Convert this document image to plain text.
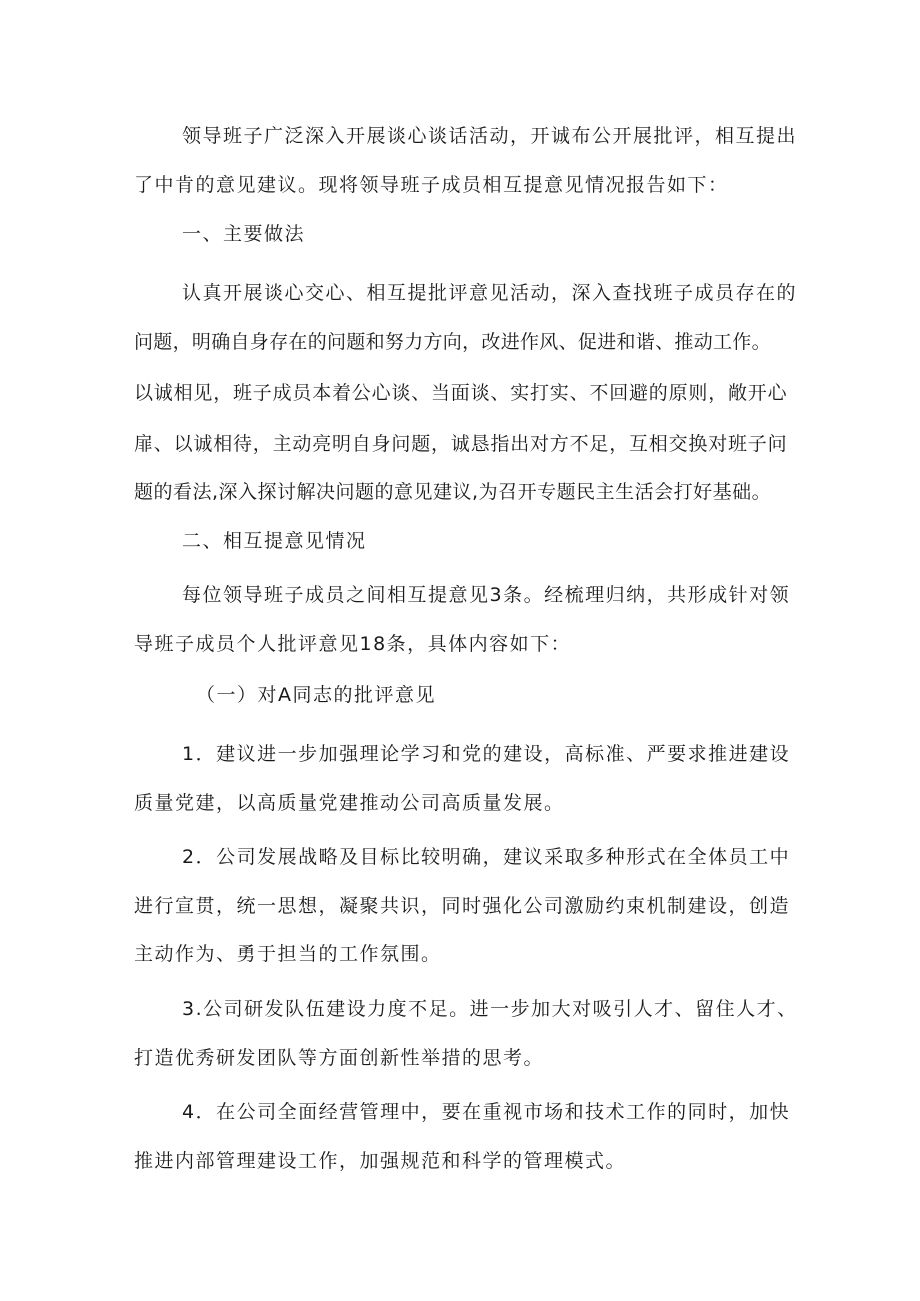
领导班子广泛深入开展谈心谈话活动，开诚布公开展批评，相互提出
了中肯的意见建议。现将领导班子成员相互提意见情况报告如下：
一、主要做法
认真开展谈心交心、相互提批评意见活动，深入查找班子成员存在的
问题，明确自身存在的问题和努力方向，改进作风、促进和谐、推动工作。
以诚相见，班子成员本着公心谈、当面谈、实打实、不回避的原则，敞开心
扉、以诚相待，主动亮明自身问题，诚恳指出对方不足，互相交换对班子问
题的看法,深入探讨解决问题的意见建议,为召开专题民主生活会打好基础。
二、相互提意见情况
每位领导班子成员之间相互提意见3条。经梳理归纳，共形成针对领
导班子成员个人批评意见18条，具体内容如下：
（一）对A同志的批评意见
1．建议进一步加强理论学习和党的建设，高标准、严要求推进建设
质量党建，以高质量党建推动公司高质量发展。
2．公司发展战略及目标比较明确，建议采取多种形式在全体员工中
进行宣贯，统一思想，凝聚共识，同时强化公司激励约束机制建设，创造
主动作为、勇于担当的工作氛围。
3.公司研发队伍建设力度不足。进一步加大对吸引人才、留住人才、
打造优秀研发团队等方面创新性举措的思考。
4．在公司全面经营管理中，要在重视市场和技术工作的同时，加快
推进内部管理建设工作，加强规范和科学的管理模式。
